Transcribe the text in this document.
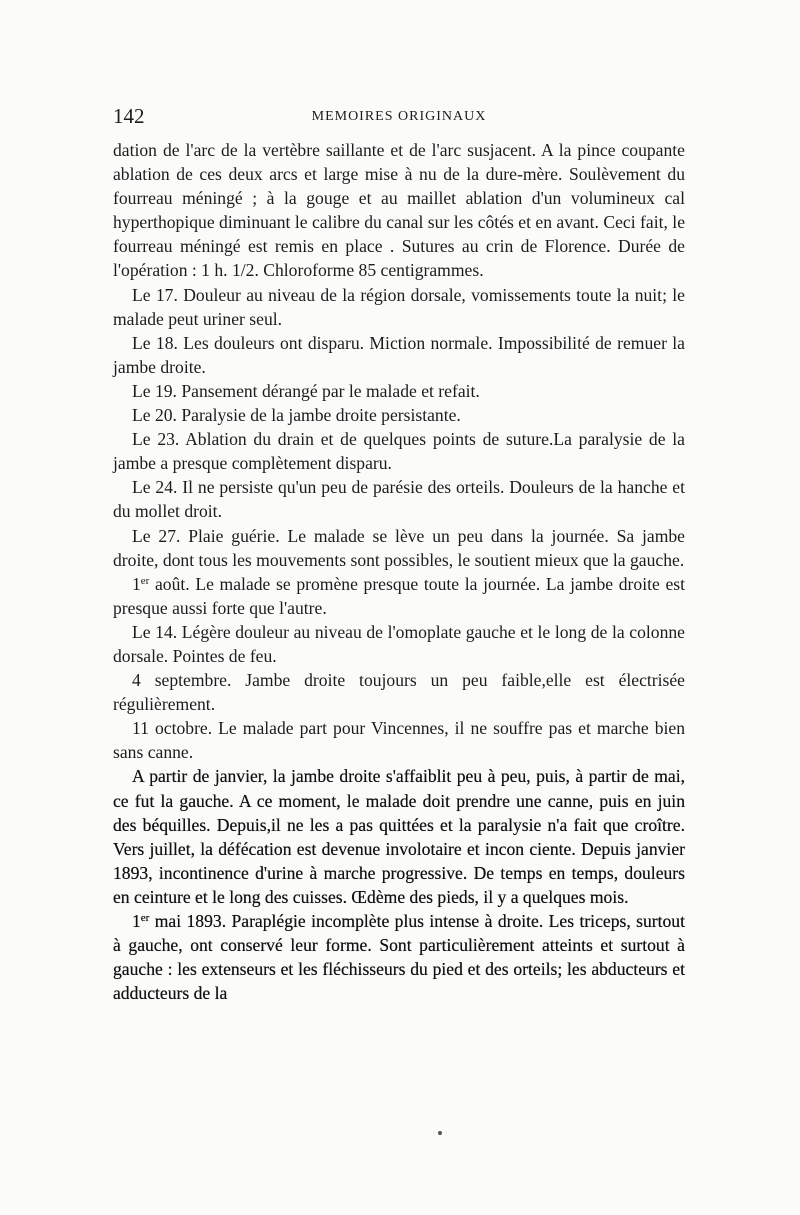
142	MEMOIRES ORIGINAUX

dation de l'arc de la vertèbre saillante et de l'arc susjacent. A la pince coupante ablation de ces deux arcs et large mise à nu de la dure-mère. Soulèvement du fourreau méningé ; à la gouge et au maillet ablation d'un volumineux cal hyperthopique diminuant le calibre du canal sur les côtés et en avant. Ceci fait, le fourreau méningé est remis en place . Sutures au crin de Florence. Durée de l'opération : 1 h. 1/2. Chloroforme 85 centigrammes.

Le 17. Douleur au niveau de la région dorsale, vomissements toute la nuit; le malade peut uriner seul.

Le 18. Les douleurs ont disparu. Miction normale. Impossibilité de remuer la jambe droite.

Le 19. Pansement dérangé par le malade et refait.

Le 20. Paralysie de la jambe droite persistante.

Le 23. Ablation du drain et de quelques points de suture.La paralysie de la jambe a presque complètement disparu.

Le 24. Il ne persiste qu'un peu de parésie des orteils. Douleurs de la hanche et du mollet droit.

Le 27. Plaie guérie. Le malade se lève un peu dans la journée. Sa jambe droite, dont tous les mouvements sont possibles, le soutient mieux que la gauche.

1er août. Le malade se promène presque toute la journée. La jambe droite est presque aussi forte que l'autre.

Le 14. Légère douleur au niveau de l'omoplate gauche et le long de la colonne dorsale. Pointes de feu.

4 septembre. Jambe droite toujours un peu faible,elle est électrisée régulièrement.

11 octobre. Le malade part pour Vincennes, il ne souffre pas et marche bien sans canne.

A partir de janvier, la jambe droite s'affaiblit peu à peu, puis, à partir de mai, ce fut la gauche. A ce moment, le malade doit prendre une canne, puis en juin des béquilles. Depuis,il ne les a pas quittées et la paralysie n'a fait que croître. Vers juillet, la défécation est devenue involotaire et incon ciente. Depuis janvier 1893, incontinence d'urine à marche progressive. De temps en temps, douleurs en ceinture et le long des cuisses. Œdème des pieds, il y a quelques mois.

1er mai 1893. Paraplégie incomplète plus intense à droite. Les triceps, surtout à gauche, ont conservé leur forme. Sont particulièrement atteints et surtout à gauche : les extenseurs et les fléchisseurs du pied et des orteils; les abducteurs et adducteurs de la
